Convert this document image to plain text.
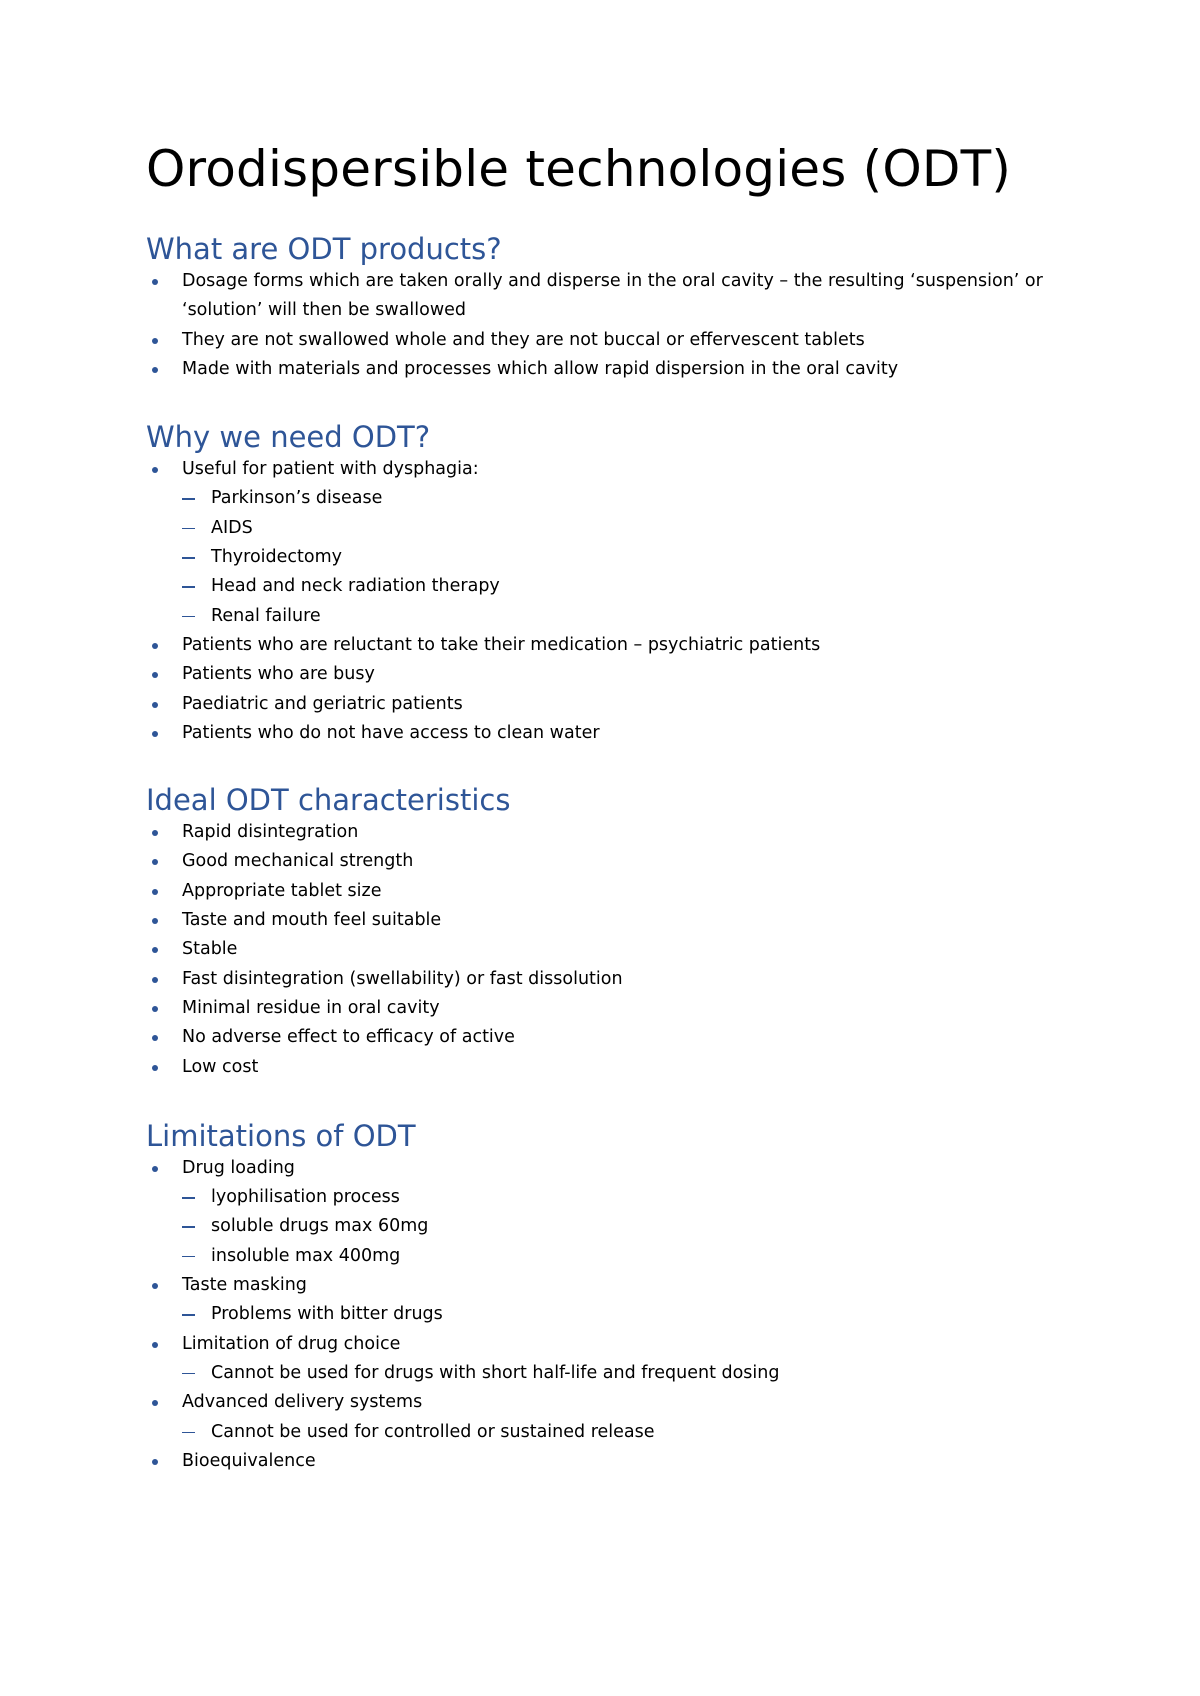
Orodispersible technologies (ODT)
What are ODT products?
Dosage forms which are taken orally and disperse in the oral cavity – the resulting ‘suspension’ or ‘solution’ will then be swallowed
They are not swallowed whole and they are not buccal or effervescent tablets
Made with materials and processes which allow rapid dispersion in the oral cavity
Why we need ODT?
Useful for patient with dysphagia:
Parkinson’s disease
AIDS
Thyroidectomy
Head and neck radiation therapy
Renal failure
Patients who are reluctant to take their medication – psychiatric patients
Patients who are busy
Paediatric and geriatric patients
Patients who do not have access to clean water
Ideal ODT characteristics
Rapid disintegration
Good mechanical strength
Appropriate tablet size
Taste and mouth feel suitable
Stable
Fast disintegration (swellability) or fast dissolution
Minimal residue in oral cavity
No adverse effect to efficacy of active
Low cost
Limitations of ODT
Drug loading
lyophilisation process
soluble drugs max 60mg
insoluble max 400mg
Taste masking
Problems with bitter drugs
Limitation of drug choice
Cannot be used for drugs with short half-life and frequent dosing
Advanced delivery systems
Cannot be used for controlled or sustained release
Bioequivalence
